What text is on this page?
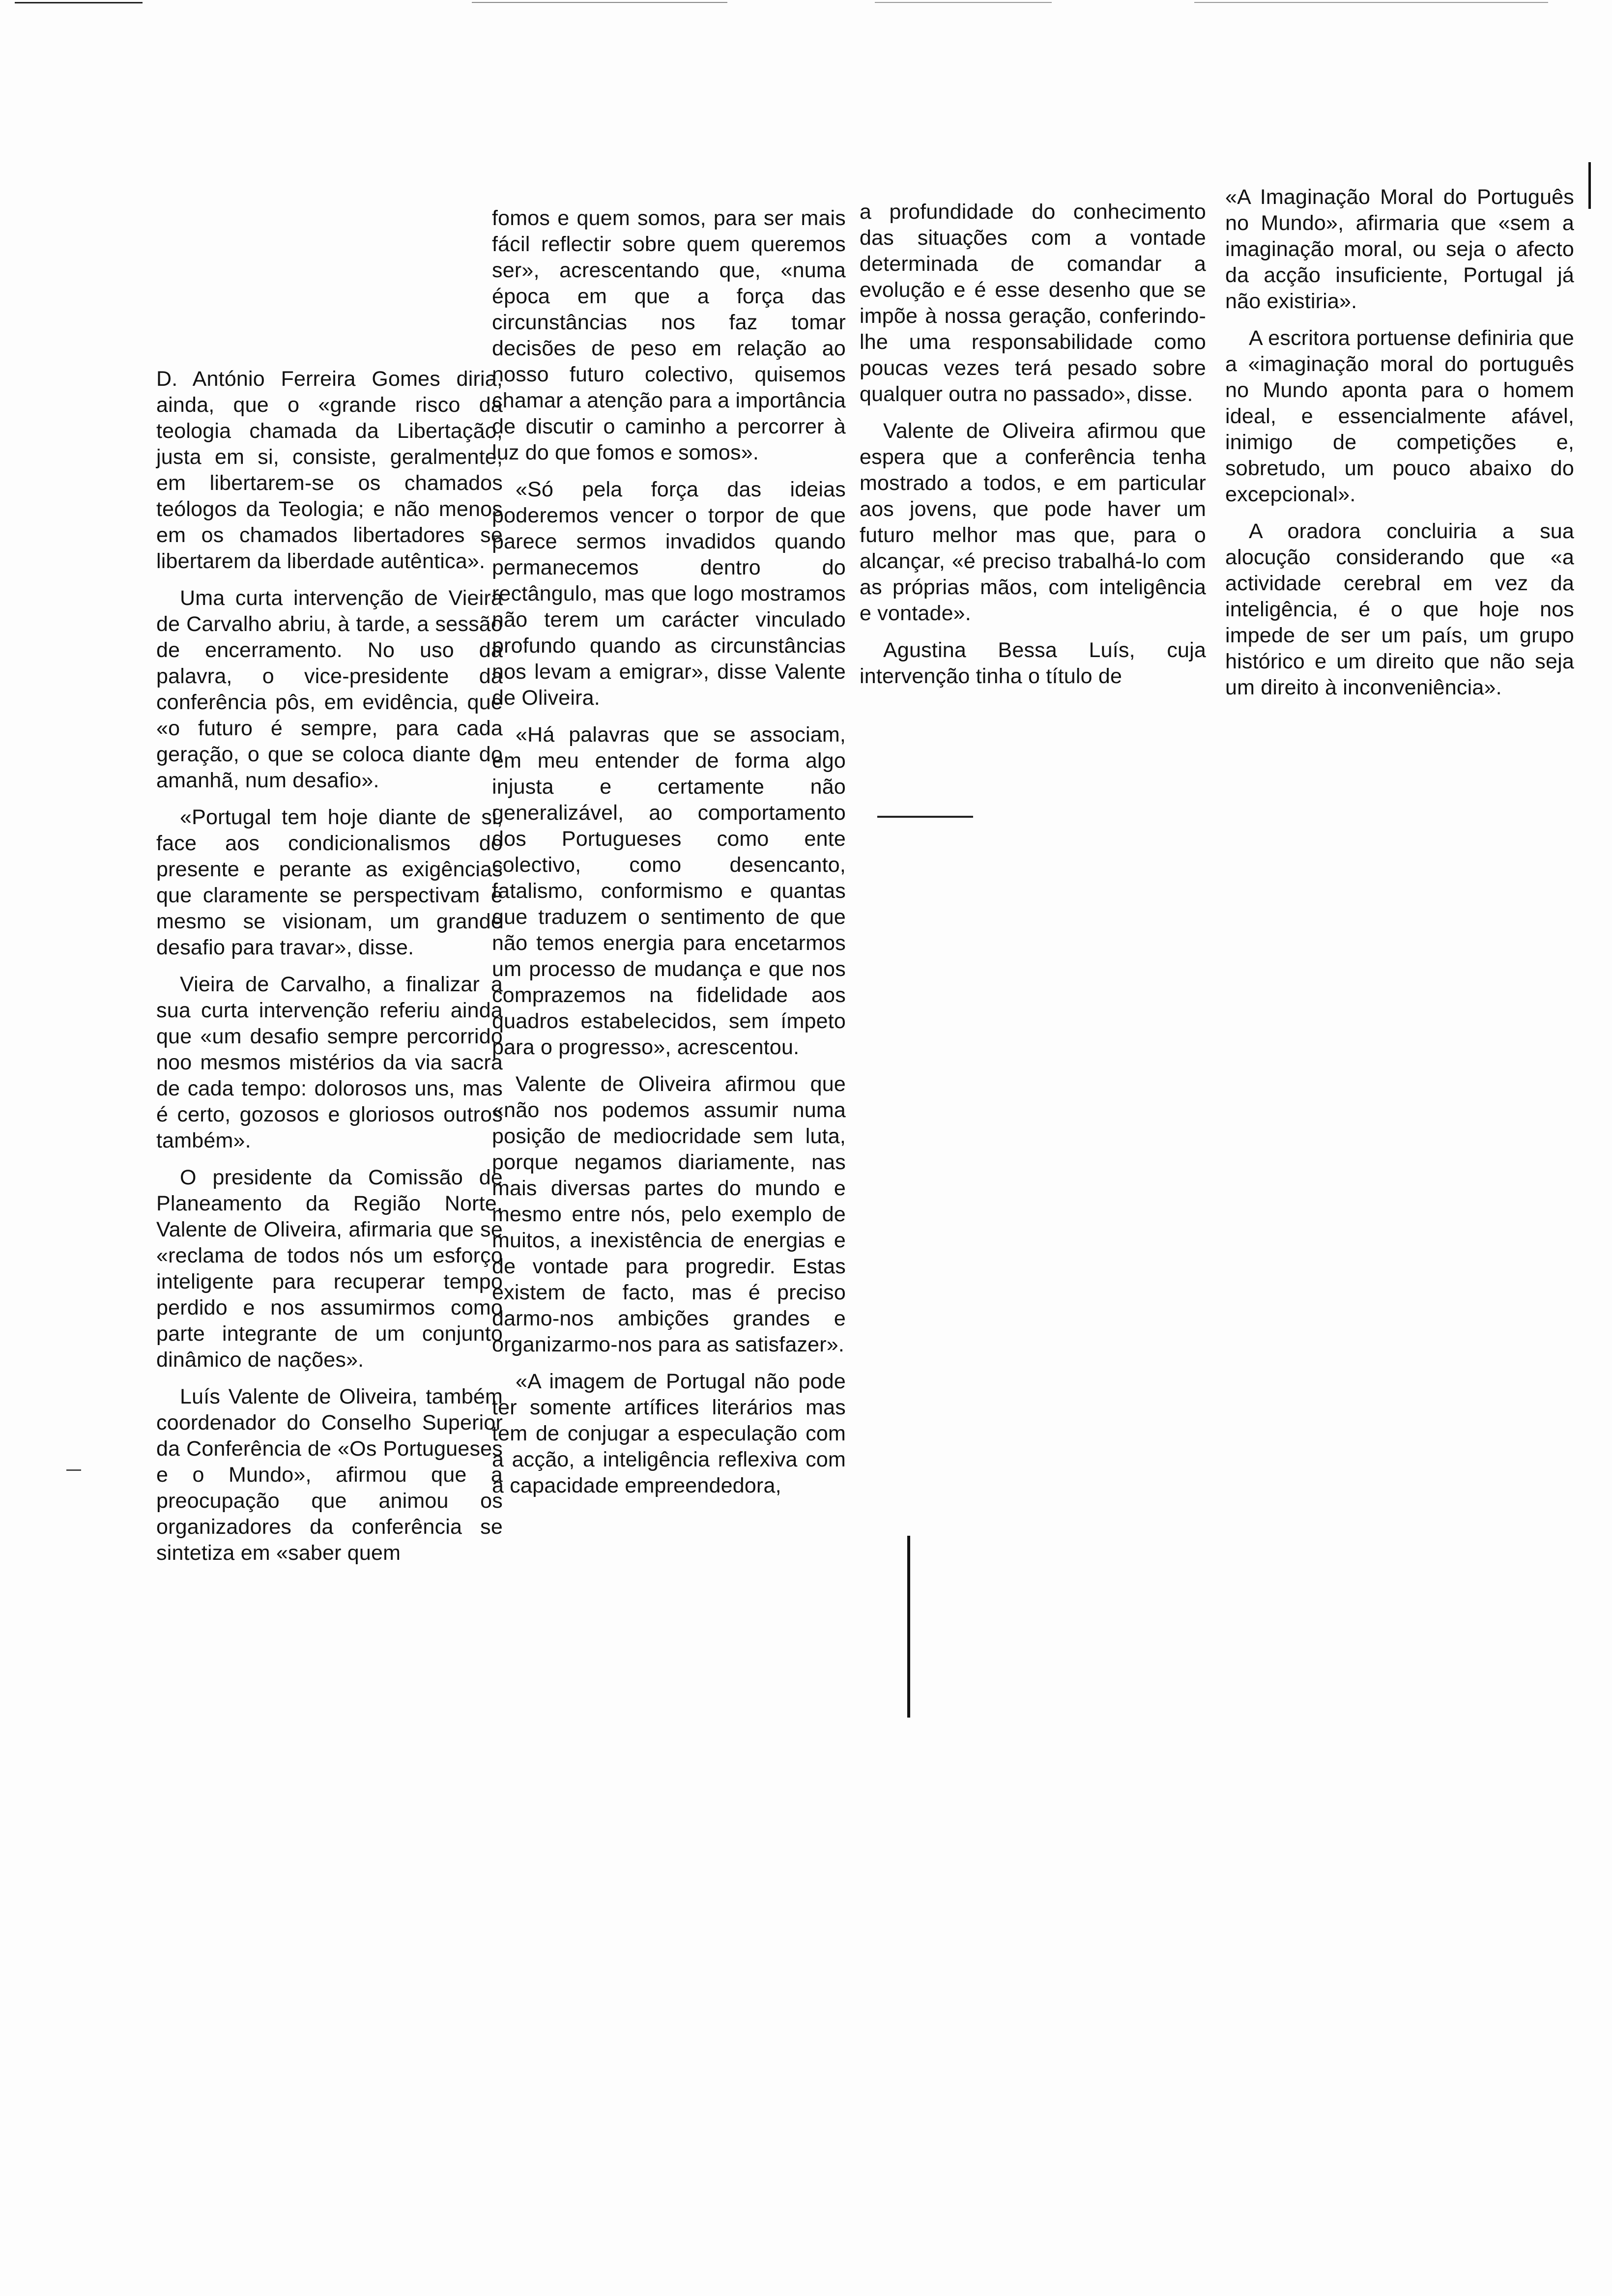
D. António Ferreira Gomes diria, ainda, que o «grande risco da teologia chamada da Libertação, justa em si, consiste, geralmente, em libertarem-se os chamados teólogos da Teologia; e não menos em os chamados libertadores se libertarem da liberdade autêntica».

Uma curta intervenção de Vieira de Carvalho abriu, à tarde, a sessão de encerramento. No uso da palavra, o vice-presidente da conferência pôs, em evidência, que «o futuro é sempre, para cada geração, o que se coloca diante do amanhã, num desafio».

«Portugal tem hoje diante de si, face aos condicionalismos do presente e perante as exigências que claramente se perspectivam e mesmo se visionam, um grande desafio para travar», disse.

Vieira de Carvalho, a finalizar a sua curta intervenção referiu ainda que «um desafio sempre percorrido noo mesmos mistérios da via sacra de cada tempo: dolorosos uns, mas é certo, gozosos e gloriosos outros também».

O presidente da Comissão de Planeamento da Região Norte, Valente de Oliveira, afirmaria que se «reclama de todos nós um esforço inteligente para recuperar tempo perdido e nos assumirmos como parte integrante de um conjunto dinâmico de nações».

Luís Valente de Oliveira, também coordenador do Conselho Superior da Conferência de «Os Portugueses e o Mundo», afirmou que a preocupação que animou os organizadores da conferência se sintetiza em «saber quem

fomos e quem somos, para ser mais fácil reflectir sobre quem queremos ser», acrescentando que, «numa época em que a força das circunstâncias nos faz tomar decisões de peso em relação ao nosso futuro colectivo, quisemos chamar a atenção para a importância de discutir o caminho a percorrer à luz do que fomos e somos».

«Só pela força das ideias poderemos vencer o torpor de que parece sermos invadidos quando permanecemos dentro do rectângulo, mas que logo mostramos não terem um carácter vinculado profundo quando as circunstâncias nos levam a emigrar», disse Valente de Oliveira.

«Há palavras que se associam, em meu entender de forma algo injusta e certamente não generalizável, ao comportamento dos Portugueses como ente colectivo, como desencanto, fatalismo, conformismo e quantas que traduzem o sentimento de que não temos energia para encetarmos um processo de mudança e que nos comprazemos na fidelidade aos quadros estabelecidos, sem ímpeto para o progresso», acrescentou.

Valente de Oliveira afirmou que «não nos podemos assumir numa posição de mediocridade sem luta, porque negamos diariamente, nas mais diversas partes do mundo e mesmo entre nós, pelo exemplo de muitos, a inexistência de energias e de vontade para progredir. Estas existem de facto, mas é preciso darmo-nos ambições grandes e organizarmo-nos para as satisfazer».

«A imagem de Portugal não pode ter somente artífices literários mas tem de conjugar a especulação com a acção, a inteligência reflexiva com a capacidade empreendedora,

a profundidade do conhecimento das situações com a vontade determinada de comandar a evolução e é esse desenho que se impõe à nossa geração, conferindo-lhe uma responsabilidade como poucas vezes terá pesado sobre qualquer outra no passado», disse.

Valente de Oliveira afirmou que espera que a conferência tenha mostrado a todos, e em particular aos jovens, que pode haver um futuro melhor mas que, para o alcançar, «é preciso trabalhá-lo com as próprias mãos, com inteligência e vontade».

Agustina Bessa Luís, cuja intervenção tinha o título de

«A Imaginação Moral do Português no Mundo», afirmaria que «sem a imaginação moral, ou seja o afecto da acção insuficiente, Portugal já não existiria».

A escritora portuense definiria que a «imaginação moral do português no Mundo aponta para o homem ideal, e essencialmente afável, inimigo de competições e, sobretudo, um pouco abaixo do excepcional».

A oradora concluiria a sua alocução considerando que «a actividade cerebral em vez da inteligência, é o que hoje nos impede de ser um país, um grupo histórico e um direito que não seja um direito à inconveniência».
